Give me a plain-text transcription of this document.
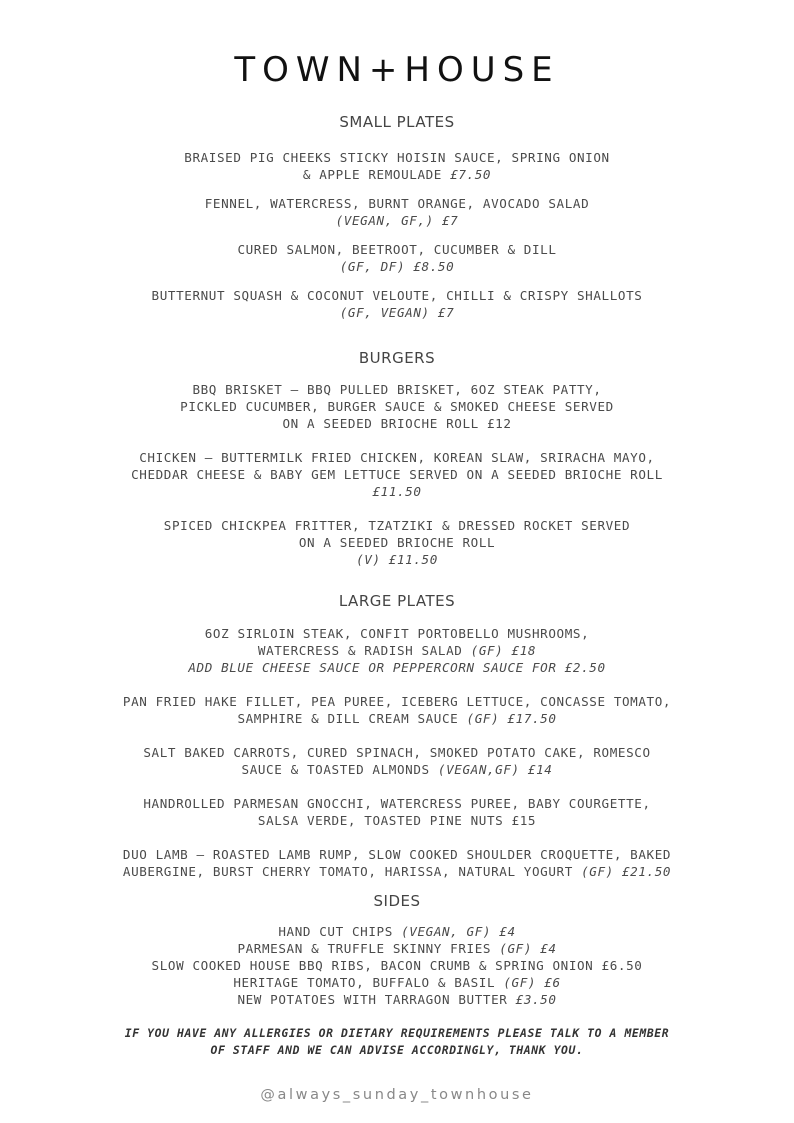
TOWN+HOUSE
SMALL PLATES
BRAISED PIG CHEEKS STICKY HOISIN SAUCE, SPRING ONION
& APPLE REMOULADE £7.50
FENNEL, WATERCRESS, BURNT ORANGE, AVOCADO SALAD
(VEGAN, GF,) £7
CURED SALMON, BEETROOT, CUCUMBER & DILL
(GF, DF) £8.50
BUTTERNUT SQUASH & COCONUT VELOUTE, CHILLI & CRISPY SHALLOTS
(GF, VEGAN) £7
BURGERS
BBQ BRISKET – BBQ PULLED BRISKET, 6OZ STEAK PATTY,
PICKLED CUCUMBER, BURGER SAUCE & SMOKED CHEESE SERVED
ON A SEEDED BRIOCHE ROLL £12
CHICKEN – BUTTERMILK FRIED CHICKEN, KOREAN SLAW, SRIRACHA MAYO,
CHEDDAR CHEESE & BABY GEM LETTUCE SERVED ON A SEEDED BRIOCHE ROLL
£11.50
SPICED CHICKPEA FRITTER, TZATZIKI & DRESSED ROCKET SERVED
ON A SEEDED BRIOCHE ROLL
(V) £11.50
LARGE PLATES
6OZ SIRLOIN STEAK, CONFIT PORTOBELLO MUSHROOMS,
WATERCRESS & RADISH SALAD (GF) £18
ADD BLUE CHEESE SAUCE OR PEPPERCORN SAUCE FOR £2.50
PAN FRIED HAKE FILLET, PEA PUREE, ICEBERG LETTUCE, CONCASSE TOMATO,
SAMPHIRE & DILL CREAM SAUCE (GF) £17.50
SALT BAKED CARROTS, CURED SPINACH, SMOKED POTATO CAKE, ROMESCO
SAUCE & TOASTED ALMONDS (VEGAN,GF) £14
HANDROLLED PARMESAN GNOCCHI, WATERCRESS PUREE, BABY COURGETTE,
SALSA VERDE, TOASTED PINE NUTS £15
DUO LAMB – ROASTED LAMB RUMP, SLOW COOKED SHOULDER CROQUETTE, BAKED
AUBERGINE, BURST CHERRY TOMATO, HARISSA, NATURAL YOGURT (GF) £21.50
SIDES
HAND CUT CHIPS (VEGAN, GF) £4
PARMESAN & TRUFFLE SKINNY FRIES (GF) £4
SLOW COOKED HOUSE BBQ RIBS, BACON CRUMB & SPRING ONION £6.50
HERITAGE TOMATO, BUFFALO & BASIL (GF) £6
NEW POTATOES WITH TARRAGON BUTTER £3.50
IF YOU HAVE ANY ALLERGIES OR DIETARY REQUIREMENTS PLEASE TALK TO A MEMBER
OF STAFF AND WE CAN ADVISE ACCORDINGLY, THANK YOU.
@always_sunday_townhouse
